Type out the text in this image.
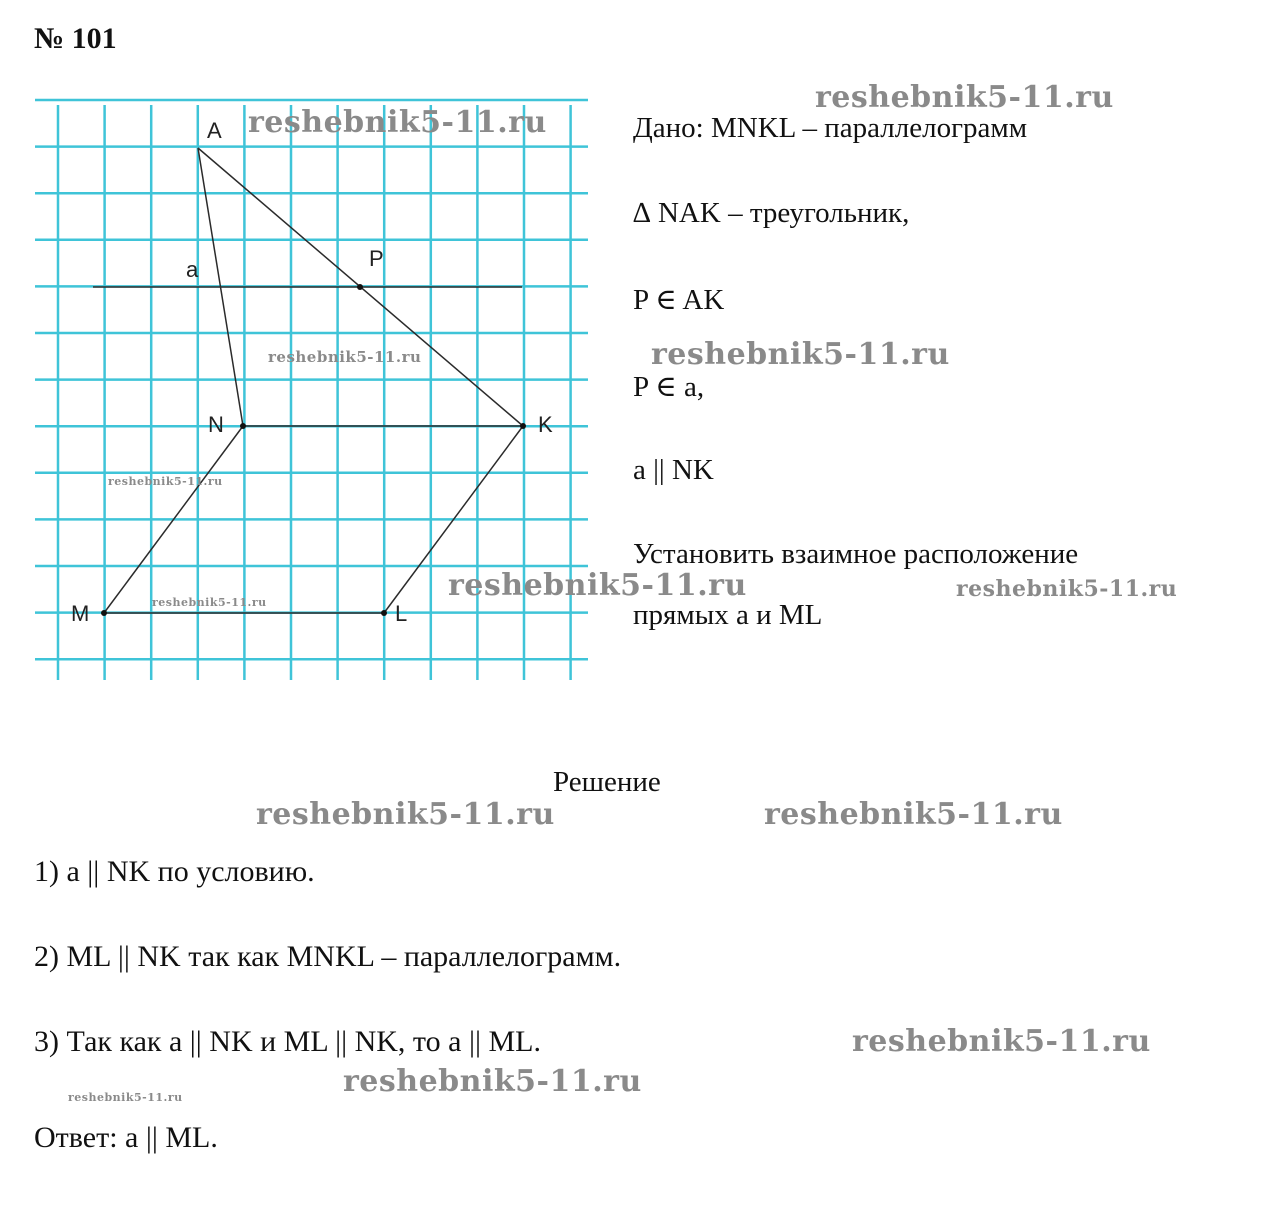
№ 101
A
P
a
N	K
M	L
Дано: MNKL – параллелограмм
∆ NAK – треугольник,
P ∈ AK
P ∈ a,
a || NK
Установить взаимное расположение
прямых а и ML
Решение
1) a || NK по условию.
2) ML || NK так как MNKL – параллелограмм.
3) Так как a || NK и ML || NK, то a || ML.
Ответ: a || ML.
reshebnik5-11.ru
reshebnik5-11.ru
reshebnik5-11.ru
reshebnik5-11.ru
reshebnik5-11.ru
reshebnik5-11.ru	reshebnik5-11.ru
reshebnik5-11.ru
reshebnik5-11.ru	reshebnik5-11.ru
reshebnik5-11.ru
reshebnik5-11.ru
reshebnik5-11.ru
